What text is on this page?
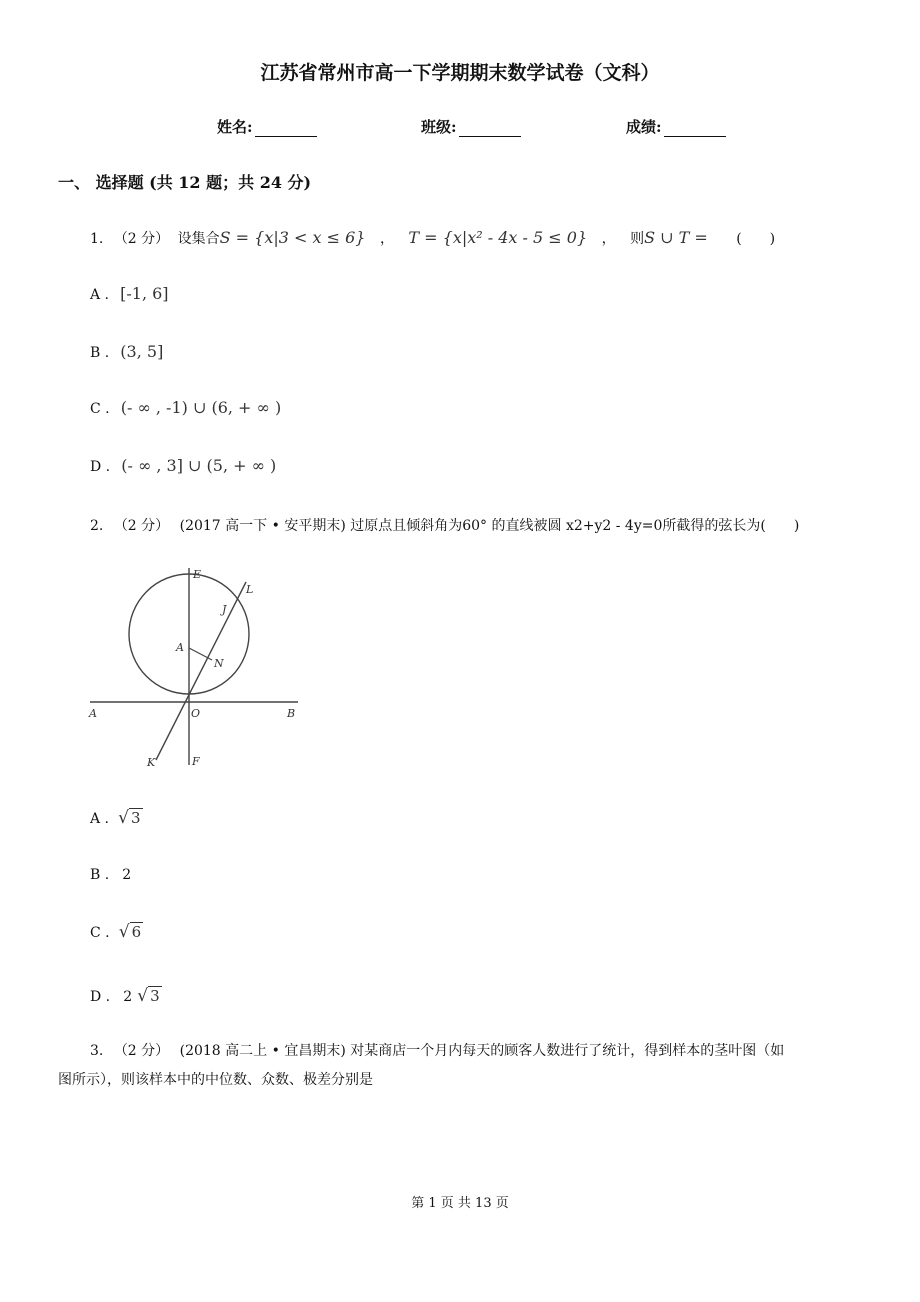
江苏省常州市高一下学期期末数学试卷（文科）
姓名:	班级:	成绩:
一、 选择题 (共 12 题；共 24 分)
1. （2 分） 设集合S = {x|3 < x ≤ 6} ， T = {x|x² - 4x - 5 ≤ 0} ， 则S ∪ T = (　　)
A . [-1, 6]
B . (3, 5]
C . (- ∞ , -1) ∪ (6, + ∞ )
D . (- ∞ , 3] ∪ (5, + ∞ )
2. （2 分） (2017 高一下 • 安平期末) 过原点且倾斜角为60° 的直线被圆 x2+y2 - 4y=0所截得的弦长为(　　)
E
L
J
A
N
A	O	B
K	F
A . √ 3
B . 2
C . √ 6
D . 2 √ 3
3. （2 分） (2018 高二上 • 宜昌期末) 对某商店一个月内每天的顾客人数进行了统计，得到样本的茎叶图（如
图所示），则该样本中的中位数、众数、极差分别是
第 1 页 共 13 页
